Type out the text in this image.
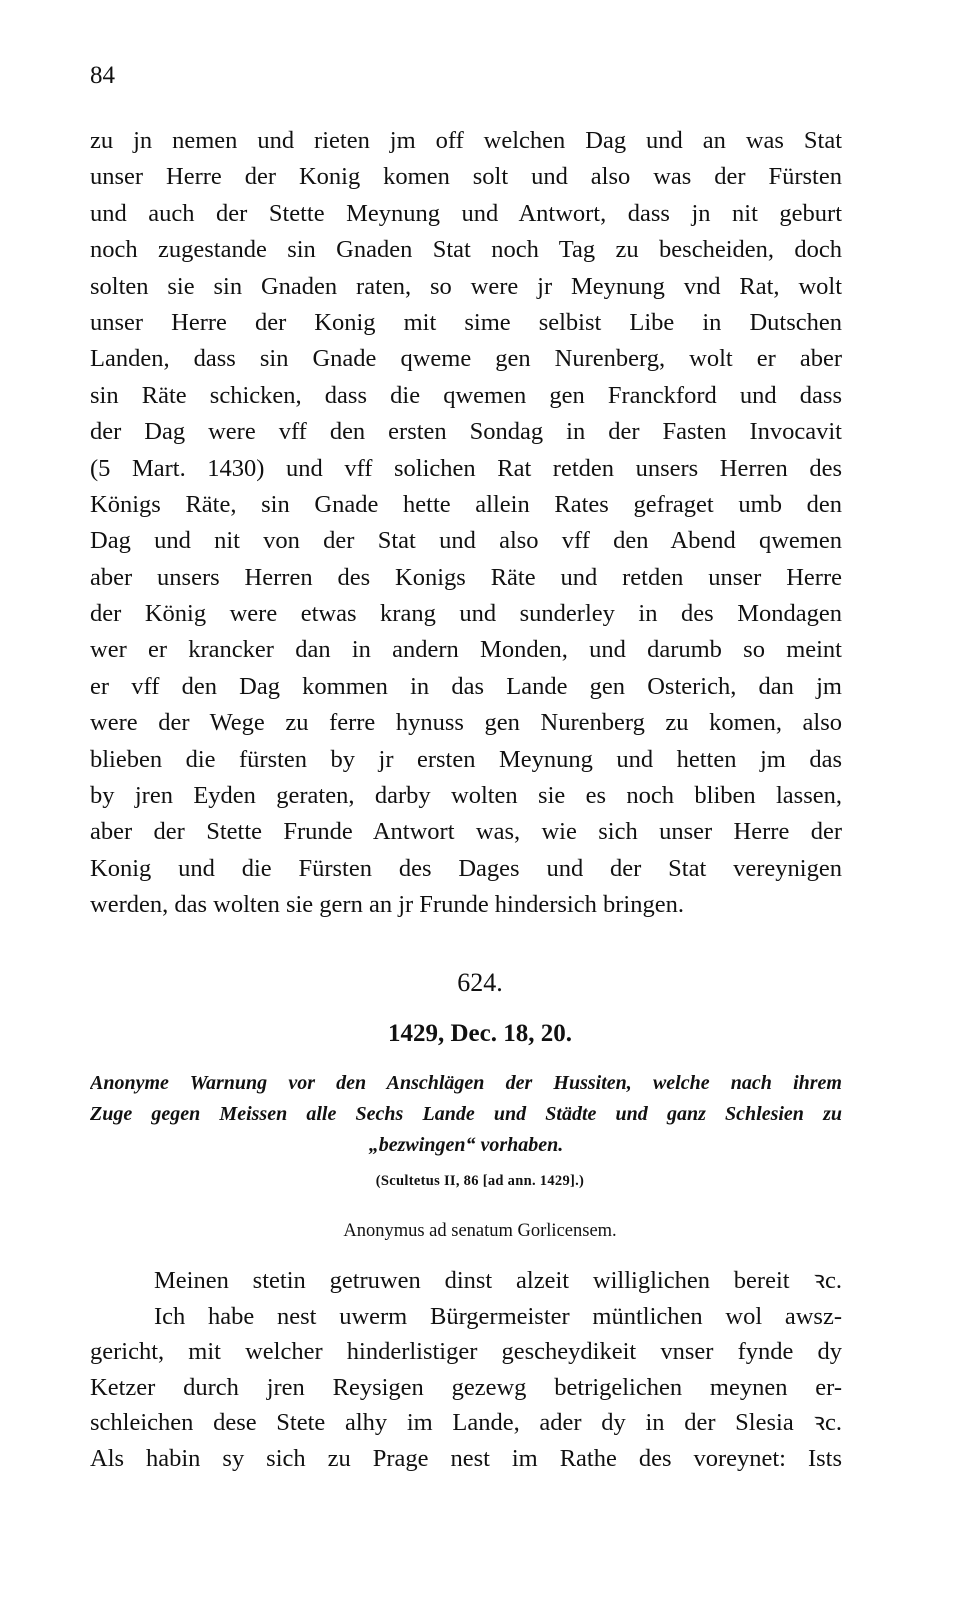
84
zu jn nemen und rieten jm off welchen Dag und an was Stat
unser Herre der Konig komen solt und also was der Fürsten
und auch der Stette Meynung und Antwort, dass jn nit geburt
noch zugestande sin Gnaden Stat noch Tag zu bescheiden, doch
solten sie sin Gnaden raten, so were jr Meynung vnd Rat, wolt
unser Herre der Konig mit sime selbist Libe in Dutschen
Landen, dass sin Gnade qweme gen Nurenberg, wolt er aber
sin Räte schicken, dass die qwemen gen Franckford und dass
der Dag were vff den ersten Sondag in der Fasten Invocavit
(5 Mart. 1430) und vff solichen Rat retden unsers Herren des
Königs Räte, sin Gnade hette allein Rates gefraget umb den
Dag und nit von der Stat und also vff den Abend qwemen
aber unsers Herren des Konigs Räte und retden unser Herre
der König were etwas krang und sunderley in des Mondagen
wer er krancker dan in andern Monden, und darumb so meint
er vff den Dag kommen in das Lande gen Osterich, dan jm
were der Wege zu ferre hynuss gen Nurenberg zu komen, also
blieben die fürsten by jr ersten Meynung und hetten jm das
by jren Eyden geraten, darby wolten sie es noch bliben lassen,
aber der Stette Frunde Antwort was, wie sich unser Herre der
Konig und die Fürsten des Dages und der Stat vereynigen
werden, das wolten sie gern an jr Frunde hindersich bringen.
624.
1429, Dec. 18, 20.
Anonyme Warnung vor den Anschlägen der Hussiten, welche nach ihrem
Zuge gegen Meissen alle Sechs Lande und Städte und ganz Schlesien zu
„bezwingen“ vorhaben.
(Scultetus II, 86 [ad ann. 1429].)
Anonymus ad senatum Gorlicensem.
Meinen stetin getruwen dinst alzeit williglichen bereit ꝛc.
Ich habe nest uwerm Bürgermeister müntlichen wol awsz-
gericht, mit welcher hinderlistiger gescheydikeit vnser fynde dy
Ketzer durch jren Reysigen gezewg betrigelichen meynen er-
schleichen dese Stete alhy im Lande, ader dy in der Slesia ꝛc.
Als habin sy sich zu Prage nest im Rathe des voreynet: Ists
